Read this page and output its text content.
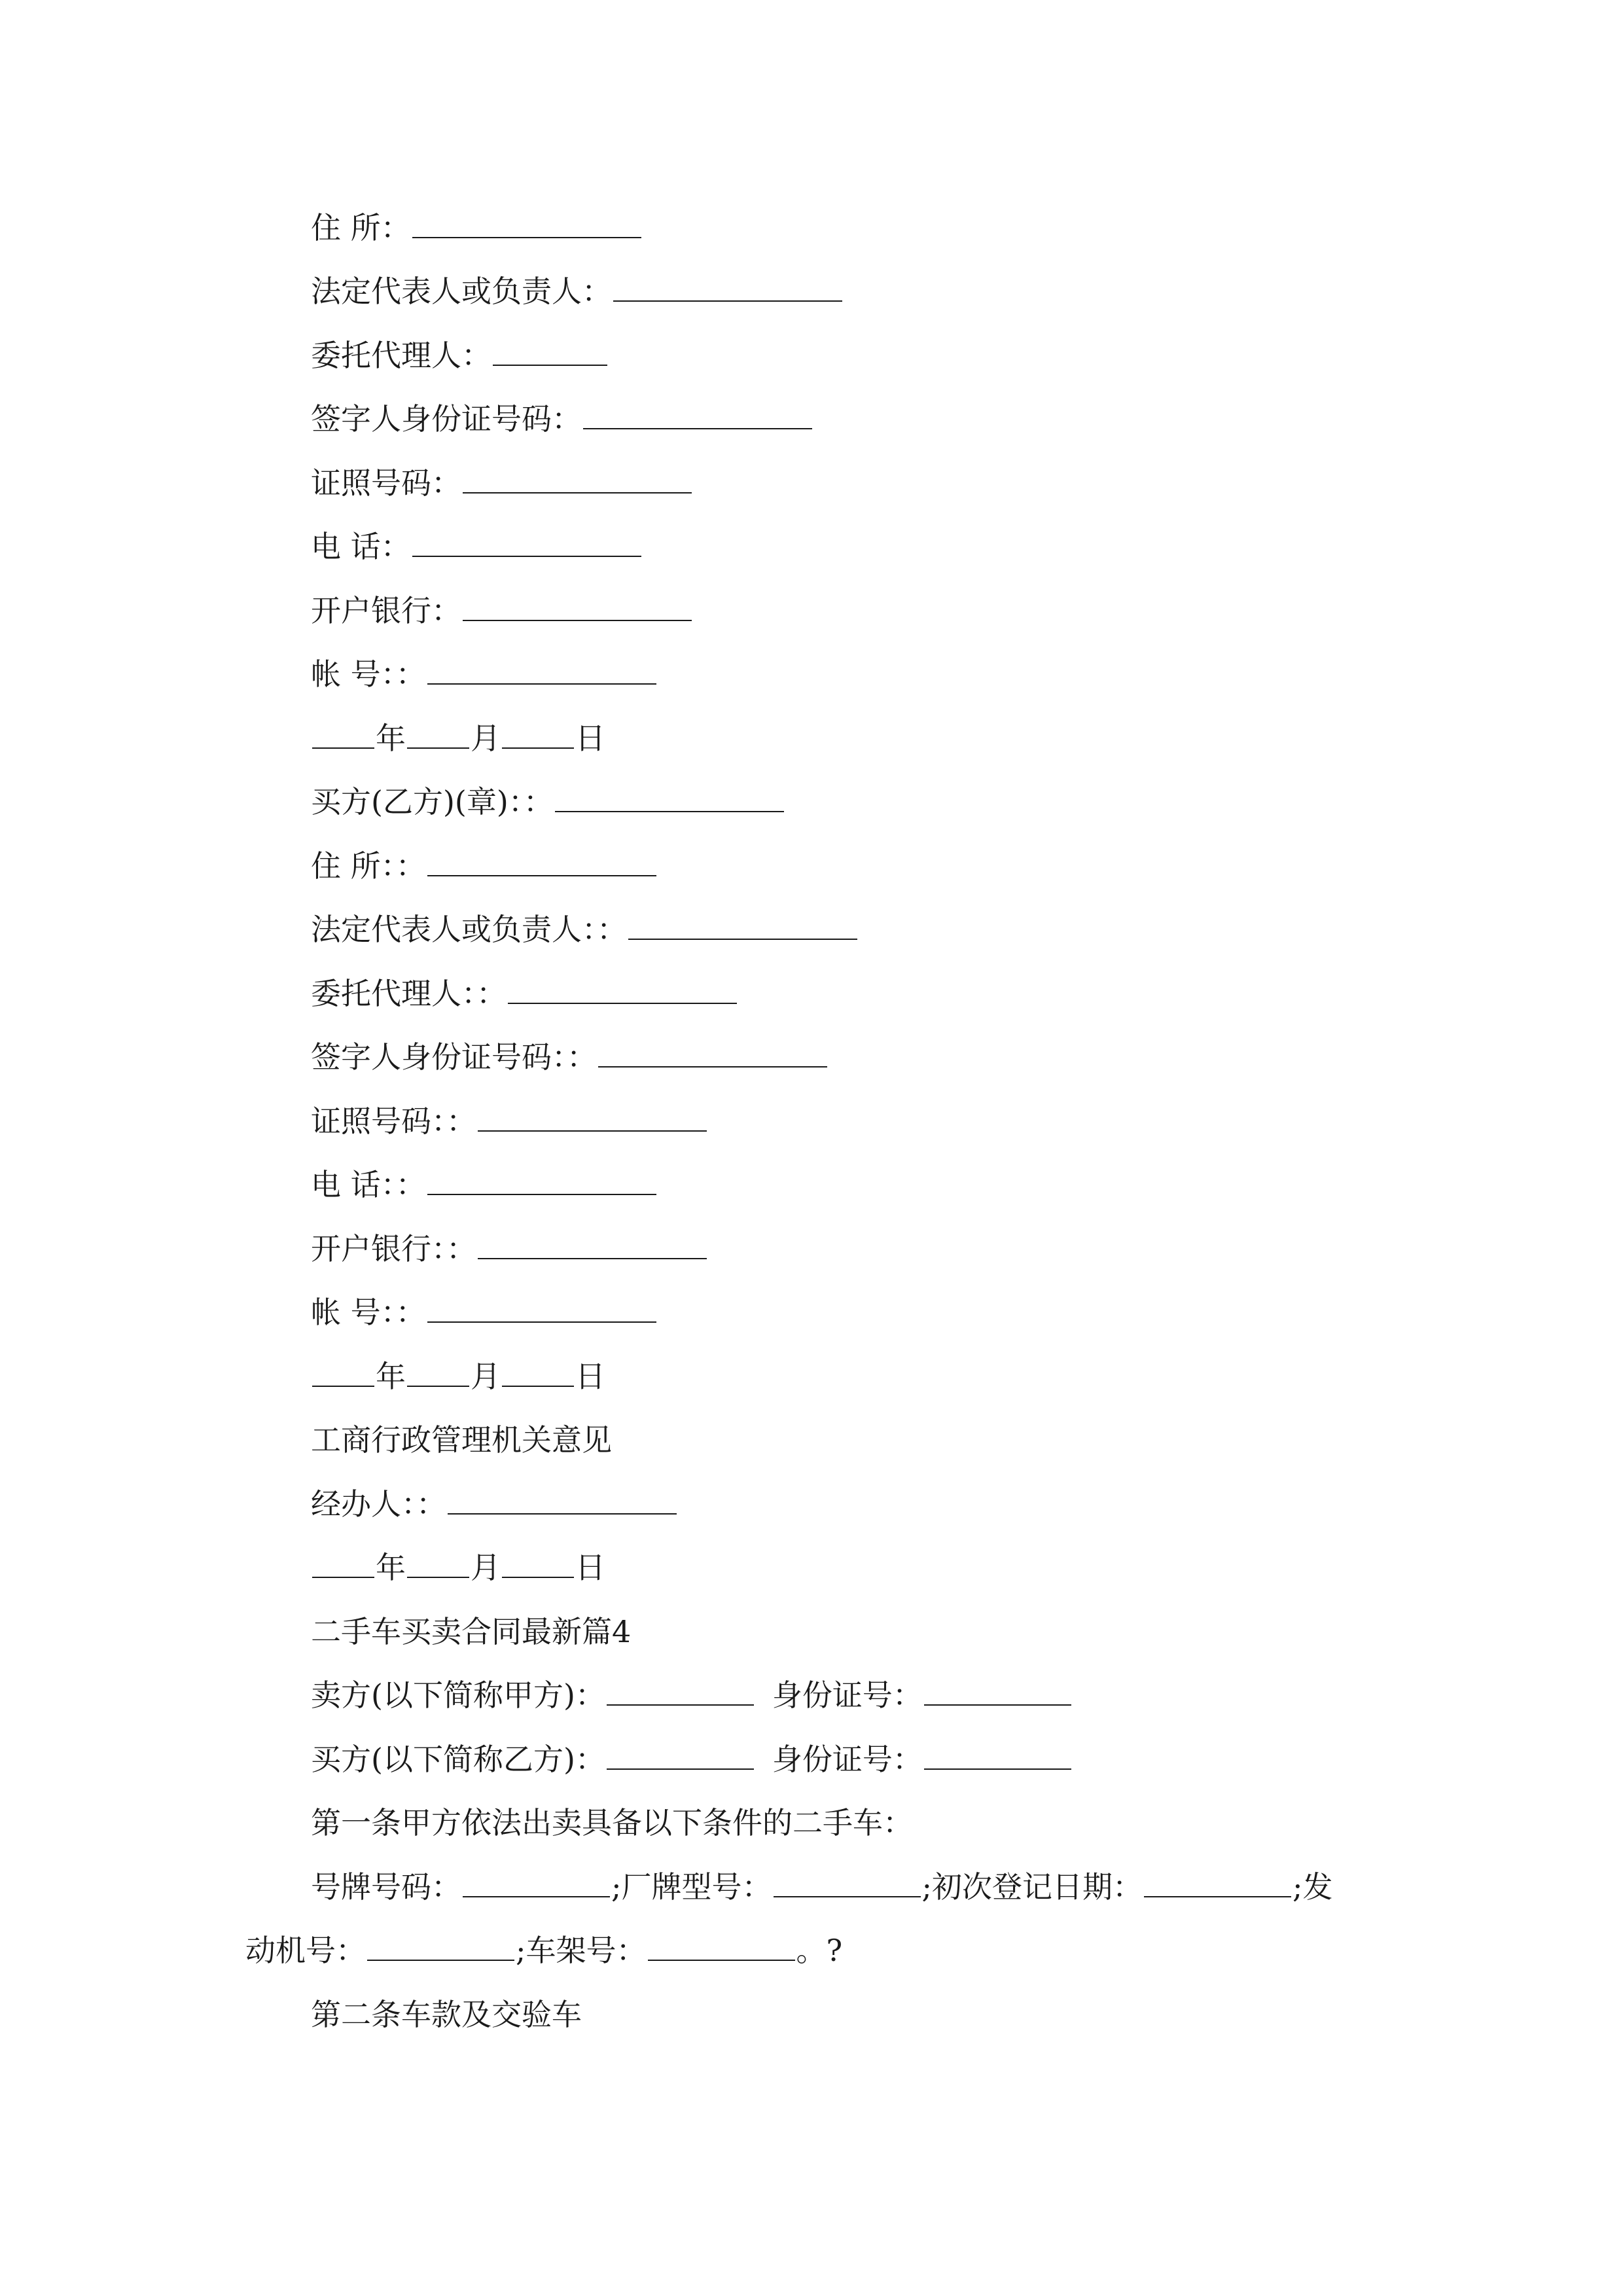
住 所：
法定代表人或负责人：
委托代理人：
签字人身份证号码：
证照号码：
电 话：
开户银行：
帐 号：：
年 月 日
买方(乙方)(章)：：
住 所：：
法定代表人或负责人：：
委托代理人：：
签字人身份证号码：：
证照号码：：
电 话：：
开户银行：：
帐 号：：
年 月 日
工商行政管理机关意见
经办人：：
年 月 日
二手车买卖合同最新篇4
卖方(以下简称甲方)：	身份证号：
买方(以下简称乙方)：	身份证号：
第一条甲方依法出卖具备以下条件的二手车：
号牌号码：	;厂牌型号：	;初次登记日期：	;发
动机号：	;车架号：	。?
第二条车款及交验车
